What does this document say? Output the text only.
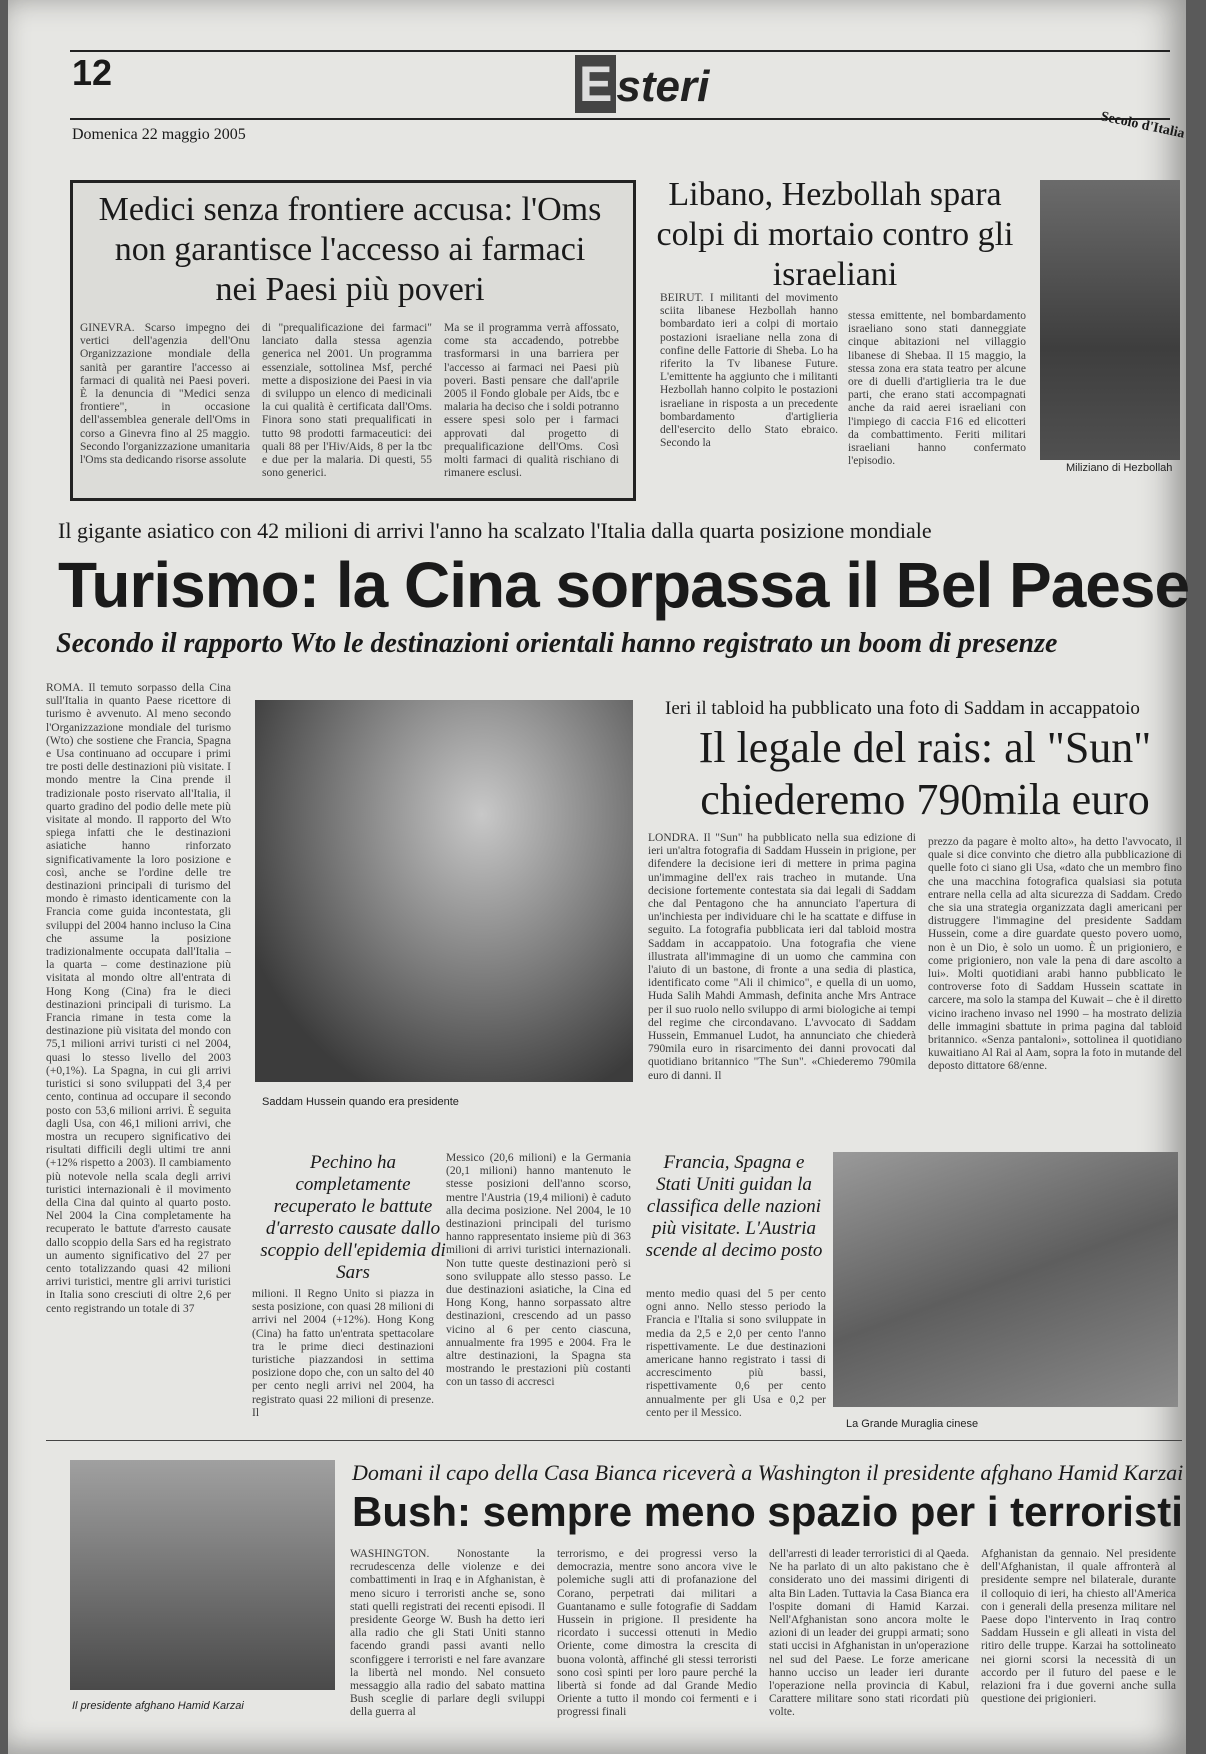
12	Esteri
Domenica 22 maggio 2005	Secolo d'Italia
Medici senza frontiere accusa: l'Oms non garantisce l'accesso ai farmaci nei Paesi più poveri
GINEVRA. Scarso impegno dei vertici dell'agenzia dell'Onu Organizzazione mondiale della sanità per garantire l'accesso ai farmaci di qualità nei Paesi poveri. È la denuncia di "Medici senza frontiere", in occasione dell'assemblea generale dell'Oms in corso a Ginevra fino al 25 maggio. Secondo l'organizzazione umanitaria l'Oms sta dedicando risorse assolute
di "prequalificazione dei farmaci" lanciato dalla stessa agenzia generica nel 2001. Un programma essenziale, sottolinea Msf, perché mette a disposizione dei Paesi in via di sviluppo un elenco di medicinali la cui qualità è certificata dall'Oms. Finora sono stati prequalificati in tutto 98 prodotti farmaceutici: dei quali 88 per l'Hiv/Aids, 8 per la tbc e due per la malaria. Di questi, 55 sono generici.
Ma se il programma verrà affossato, come sta accadendo, potrebbe trasformarsi in una barriera per l'accesso ai farmaci nei Paesi più poveri. Basti pensare che dall'aprile 2005 il Fondo globale per Aids, tbc e malaria ha deciso che i soldi potranno essere spesi solo per i farmaci approvati dal progetto di prequalificazione dell'Oms. Così molti farmaci di qualità rischiano di rimanere esclusi.
Libano, Hezbollah spara colpi di mortaio contro gli israeliani
BEIRUT. I militanti del movimento sciita libanese Hezbollah hanno bombardato ieri a colpi di mortaio postazioni israeliane nella zona di confine delle Fattorie di Sheba. Lo ha riferito la Tv libanese Future. L'emittente ha aggiunto che i militanti Hezbollah hanno colpito le postazioni israeliane in risposta a un precedente bombardamento d'artiglieria dell'esercito dello Stato ebraico. Secondo la
stessa emittente, nel bombardamento israeliano sono stati danneggiate cinque abitazioni nel villaggio libanese di Shebaa. Il 15 maggio, la stessa zona era stata teatro per alcune ore di duelli d'artiglieria tra le due parti, che erano stati accompagnati anche da raid aerei israeliani con l'impiego di caccia F16 ed elicotteri da combattimento. Feriti militari israeliani hanno confermato l'episodio.
Miliziano di Hezbollah
Il gigante asiatico con 42 milioni di arrivi l'anno ha scalzato l'Italia dalla quarta posizione mondiale
Turismo: la Cina sorpassa il Bel Paese
Secondo il rapporto Wto le destinazioni orientali hanno registrato un boom di presenze
ROMA. Il temuto sorpasso della Cina sull'Italia in quanto Paese ricettore di turismo è avvenuto. Al meno secondo l'Organizzazione mondiale del turismo (Wto) che sostiene che Francia, Spagna e Usa continuano ad occupare i primi tre posti delle destinazioni più visitate. I mondo mentre la Cina prende il tradizionale posto riservato all'Italia, il quarto gradino del podio delle mete più visitate al mondo. Il rapporto del Wto spiega infatti che le destinazioni asiatiche hanno rinforzato significativamente la loro posizione e così, anche se l'ordine delle tre destinazioni principali di turismo del mondo è rimasto identicamente con la Francia come guida incontestata, gli sviluppi del 2004 hanno incluso la Cina che assume la posizione tradizionalmente occupata dall'Italia – la quarta – come destinazione più visitata al mondo oltre all'entrata di Hong Kong (Cina) fra le dieci destinazioni principali di turismo. La Francia rimane in testa come la destinazione più visitata del mondo con 75,1 milioni arrivi turisti ci nel 2004, quasi lo stesso livello del 2003 (+0,1%). La Spagna, in cui gli arrivi turistici si sono sviluppati del 3,4 per cento, continua ad occupare il secondo posto con 53,6 milioni arrivi. È seguita dagli Usa, con 46,1 milioni arrivi, che mostra un recupero significativo dei risultati difficili degli ultimi tre anni (+12% rispetto a 2003). Il cambiamento più notevole nella scala degli arrivi turistici internazionali è il movimento della Cina dal quinto al quarto posto. Nel 2004 la Cina completamente ha recuperato le battute d'arresto causate dallo scoppio della Sars ed ha registrato un aumento significativo del 27 per cento totalizzando quasi 42 milioni arrivi turistici, mentre gli arrivi turistici in Italia sono cresciuti di oltre 2,6 per cento registrando un totale di 37
Saddam Hussein quando era presidente
Ieri il tabloid ha pubblicato una foto di Saddam in accappatoio
Il legale del rais: al "Sun" chiederemo 790mila euro
LONDRA. Il "Sun" ha pubblicato nella sua edizione di ieri un'altra fotografia di Saddam Hussein in prigione, per difendere la decisione ieri di mettere in prima pagina un'immagine dell'ex rais tracheo in mutande. Una decisione fortemente contestata sia dai legali di Saddam che dal Pentagono che ha annunciato l'apertura di un'inchiesta per individuare chi le ha scattate e diffuse in seguito. La fotografia pubblicata ieri dal tabloid mostra Saddam in accappatoio. Una fotografia che viene illustrata all'immagine di un uomo che cammina con l'aiuto di un bastone, di fronte a una sedia di plastica, identificato come "Ali il chimico", e quella di un uomo, Huda Salih Mahdi Ammash, definita anche Mrs Antrace per il suo ruolo nello sviluppo di armi biologiche ai tempi del regime che circondavano. L'avvocato di Saddam Hussein, Emmanuel Ludot, ha annunciato che chiederà 790mila euro in risarcimento dei danni provocati dal quotidiano britannico "The Sun". «Chiederemo 790mila euro di danni. Il
prezzo da pagare è molto alto», ha detto l'avvocato, il quale si dice convinto che dietro alla pubblicazione di quelle foto ci siano gli Usa, «dato che un membro fino che una macchina fotografica qualsiasi sia potuta entrare nella cella ad alta sicurezza di Saddam. Credo che sia una strategia organizzata dagli americani per distruggere l'immagine del presidente Saddam Hussein, come a dire guardate questo povero uomo, non è un Dio, è solo un uomo. È un prigioniero, e come prigioniero, non vale la pena di dare ascolto a lui». Molti quotidiani arabi hanno pubblicato le controverse foto di Saddam Hussein scattate in carcere, ma solo la stampa del Kuwait – che è il diretto vicino iracheno invaso nel 1990 – ha mostrato delizia delle immagini sbattute in prima pagina dal tabloid britannico. «Senza pantaloni», sottolinea il quotidiano kuwaitiano Al Rai al Aam, sopra la foto in mutande del deposto dittatore 68/enne.
Pechino ha completamente recuperato le battute d'arresto causate dallo scoppio dell'epidemia di Sars
milioni. Il Regno Unito si piazza in sesta posizione, con quasi 28 milioni di arrivi nel 2004 (+12%). Hong Kong (Cina) ha fatto un'entrata spettacolare tra le prime dieci destinazioni turistiche piazzandosi in settima posizione dopo che, con un salto del 40 per cento negli arrivi nel 2004, ha registrato quasi 22 milioni di presenze. Il
Messico (20,6 milioni) e la Germania (20,1 milioni) hanno mantenuto le stesse posizioni dell'anno scorso, mentre l'Austria (19,4 milioni) è caduto alla decima posizione. Nel 2004, le 10 destinazioni principali del turismo hanno rappresentato insieme più di 363 milioni di arrivi turistici internazionali. Non tutte queste destinazioni però si sono sviluppate allo stesso passo. Le due destinazioni asiatiche, la Cina ed Hong Kong, hanno sorpassato altre destinazioni, crescendo ad un passo vicino al 6 per cento ciascuna, annualmente fra 1995 e 2004. Fra le altre destinazioni, la Spagna sta mostrando le prestazioni più costanti con un tasso di accresci
Francia, Spagna e Stati Uniti guidan la classifica delle nazioni più visitate. L'Austria scende al decimo posto
mento medio quasi del 5 per cento ogni anno. Nello stesso periodo la Francia e l'Italia si sono sviluppate in media da 2,5 e 2,0 per cento l'anno rispettivamente. Le due destinazioni americane hanno registrato i tassi di accrescimento più bassi, rispettivamente 0,6 per cento annualmente per gli Usa e 0,2 per cento per il Messico.
La Grande Muraglia cinese
Il presidente afghano Hamid Karzai
Domani il capo della Casa Bianca riceverà a Washington il presidente afghano Hamid Karzai
Bush: sempre meno spazio per i terroristi
WASHINGTON. Nonostante la recrudescenza delle violenze e dei combattimenti in Iraq e in Afghanistan, è meno sicuro i terroristi anche se, sono stati quelli registrati dei recenti episodi. Il presidente George W. Bush ha detto ieri alla radio che gli Stati Uniti stanno facendo grandi passi avanti nello sconfiggere i terroristi e nel fare avanzare la libertà nel mondo. Nel consueto messaggio alla radio del sabato mattina Bush sceglie di parlare degli sviluppi della guerra al
terrorismo, e dei progressi verso la democrazia, mentre sono ancora vive le polemiche sugli atti di profanazione del Corano, perpetrati dai militari a Guantanamo e sulle fotografie di Saddam Hussein in prigione. Il presidente ha ricordato i successi ottenuti in Medio Oriente, come dimostra la crescita di buona volontà, affinché gli stessi terroristi sono così spinti per loro paure perché la libertà si fonde ad dal Grande Medio Oriente a tutto il mondo coi fermenti e i progressi finali
dell'arresti di leader terroristici di al Qaeda. Ne ha parlato di un alto pakistano che è considerato uno dei massimi dirigenti di alta Bin Laden. Tuttavia la Casa Bianca era l'ospite domani di Hamid Karzai. Nell'Afghanistan sono ancora molte le azioni di un leader dei gruppi armati; sono stati uccisi in Afghanistan in un'operazione nel sud del Paese. Le forze americane hanno ucciso un leader ieri durante l'operazione nella provincia di Kabul, Carattere militare sono stati ricordati più volte.
Afghanistan da gennaio. Nel presidente dell'Afghanistan, il quale affronterà al presidente sempre nel bilaterale, durante il colloquio di ieri, ha chiesto all'America con i generali della presenza militare nel Paese dopo l'intervento in Iraq contro Saddam Hussein e gli alleati in vista del ritiro delle truppe. Karzai ha sottolineato nei giorni scorsi la necessità di un accordo per il futuro del paese e le relazioni fra i due governi anche sulla questione dei prigionieri.
